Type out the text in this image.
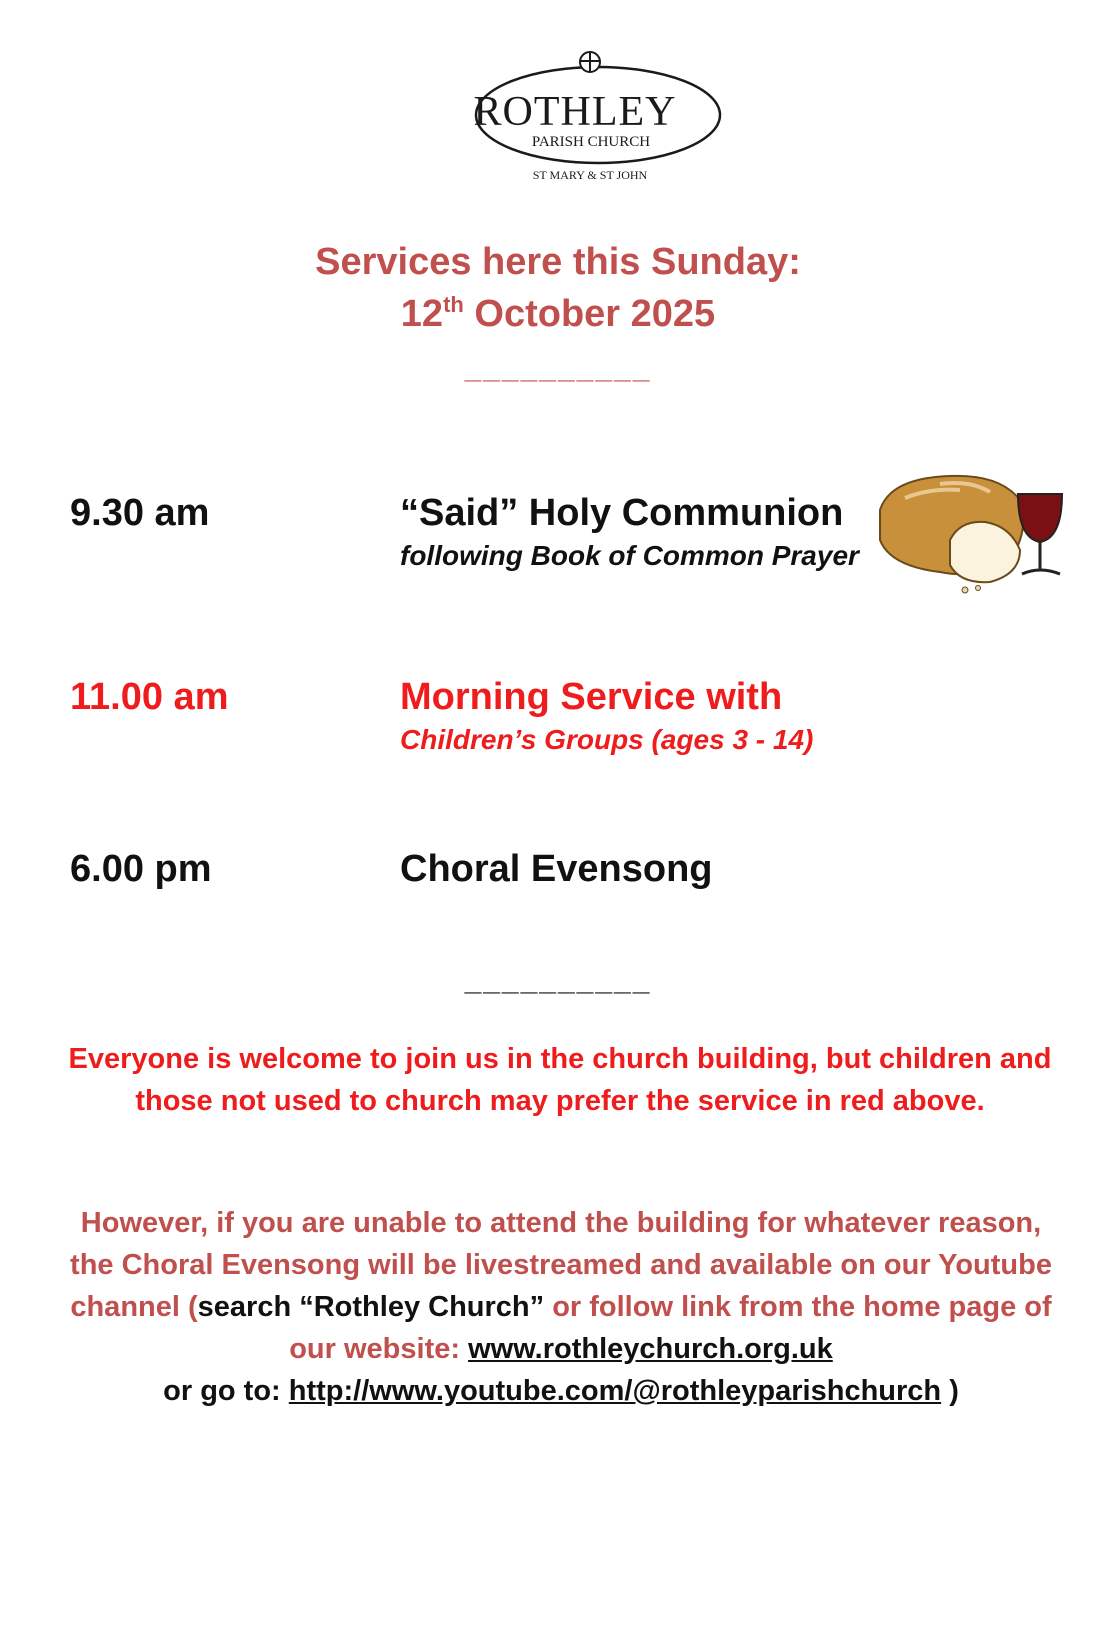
ROTHLEY
PARISH CHURCH
ST MARY & ST JOHN
Services here this Sunday:
12th October 2025
__________
9.30 am	“Said” Holy Communion
following Book of Common Prayer
11.00 am	Morning Service with
Children’s Groups (ages 3 - 14)
6.00 pm	Choral Evensong
__________
Everyone is welcome to join us in the church building, but children and those not used to church may prefer the service in red above.
However, if you are unable to attend the building for whatever reason, the Choral Evensong will be livestreamed and available on our Youtube channel (search “Rothley Church” or follow link from the home page of our website: www.rothleychurch.org.uk
or go to: http://www.youtube.com/@rothleyparishchurch )
